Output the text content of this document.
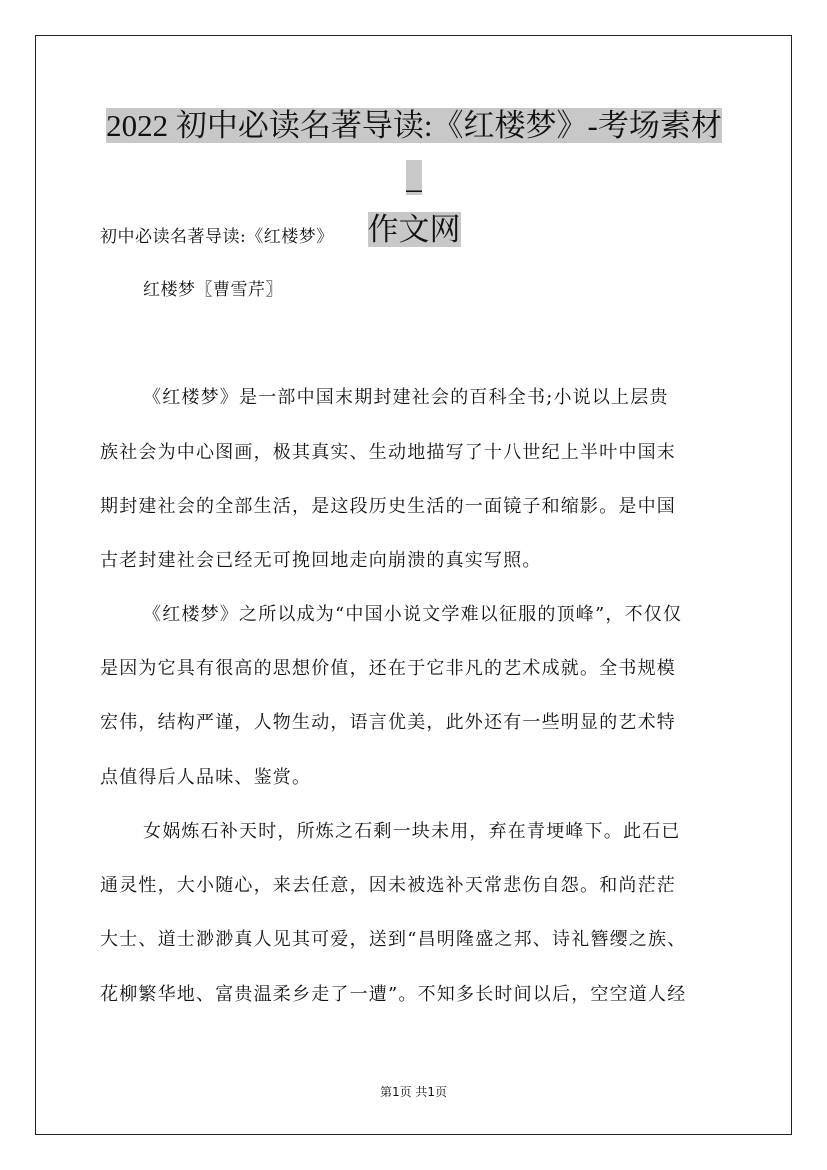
2022 初中必读名著导读:《红楼梦》-考场素材_
作文网
初中必读名著导读:《红楼梦》
红楼梦〖曹雪芹〗
《红楼梦》是一部中国末期封建社会的百科全书;小说以上层贵
族社会为中心图画，极其真实、生动地描写了十八世纪上半叶中国末
期封建社会的全部生活，是这段历史生活的一面镜子和缩影。是中国
古老封建社会已经无可挽回地走向崩溃的真实写照。
《红楼梦》之所以成为“中国小说文学难以征服的顶峰”，不仅仅
是因为它具有很高的思想价值，还在于它非凡的艺术成就。全书规模
宏伟，结构严谨，人物生动，语言优美，此外还有一些明显的艺术特
点值得后人品味、鉴赏。
女娲炼石补天时，所炼之石剩一块未用，弃在青埂峰下。此石已
通灵性，大小随心，来去任意，因未被选补天常悲伤自怨。和尚茫茫
大士、道士渺渺真人见其可爱，送到“昌明隆盛之邦、诗礼簪缨之族、
花柳繁华地、富贵温柔乡走了一遭”。不知多长时间以后，空空道人经
第1页 共1页
